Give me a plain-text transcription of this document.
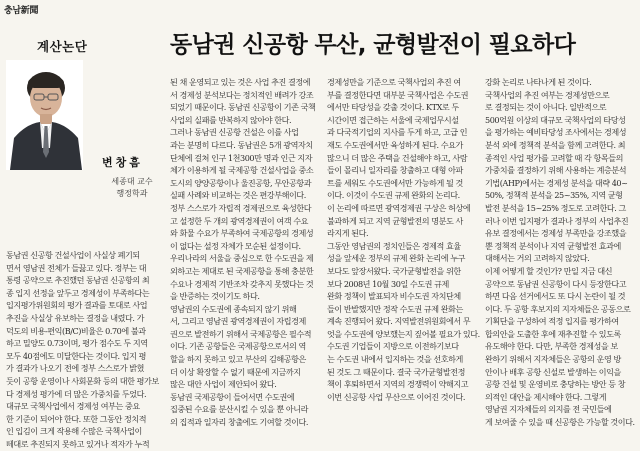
충남新聞
계산논단	동남권 신공항 무산, 균형발전이 필요하다
변창흠
세종대 교수
행정학과

동남권 신공항 건설사업이 사실상 폐기되

면서 영남권 전체가 들끓고 있다. 정부는 대

통령 공약으로 추진했던 동남권 신공항의 최

종 입지 선정을 앞두고 경제성이 부족하다는

입지평가위원회의 평가 결과를 토대로 사업

추진을 사실상 유보하는 결정을 내렸다. 가

덕도의 비용-편익(B/C)비율은 0.70에 불과

하고 밀양도 0.73이며, 평가 점수도 두 지역

모두 40점에도 미달한다는 것이다. 입지 평

가 결과가 나오기 전에 정부 스스로가 밝혔

듯이 공항 운영이나 사회문화 등의 대한 평가보

다 경제성 평가에 더 많은 가중치를 두었다.

대규모 국책사업에서 경제성 여부는 중요

한 기준이 되어야 한다. 또한 그동안 정치적

인 입김이 크게 작용해 수많은 국책사업이

떼대로 추진되지 못하고 있거나 적자가 누적

된 채 운영되고 있는 것은 사업 추진 결정에

서 경제성 분석보다는 정치적인 배려가 강조

되었기 때문이다. 동남권 신공항이 기존 국책

사업의 실패를 반복하지 않아야 한다.

그러나 동남권 신공항 건설은 이를 사업

과는 분명히 다르다. 동남권은 5개 광역자치

단체에 걸쳐 인구 1천300만 명과 인근 지자

체가 이용하게 될 국제공항 건설사업을 중소

도시의 양양공항이나 울진공항, 무안공항과

실패 사례와 비교하는 것은 편강부해이다.

정부 스스로가 자립적 경제권으로 육성한다

고 설정한 두 개의 광역경제권이 여객 수요

와 화물 수요가 부족하여 국제공항의 경제성

이 없다는 설정 자체가 모순된 설정이다.

우리나라의 서울을 중심으로 한 수도권을 제

외하고는 제대로 된 국제공항을 통해 충분한

수요나 경제적 기반조차 갖추지 못했다는 것

을 반증하는 것이기도 하다.

영남권의 수도권에 종속되지 않기 위해

서, 그리고 영남권 광역경제권이 자립경제

권으로 발전하기 위해서 국제공항은 필수적

이다. 기존 공항들은 국제공항으로서의 역

할을 하지 못하고 있고 부산의 김해공항은

더 이상 확장할 수 없기 때문에 지금까지

많은 대안 사업이 제안되어 왔다.

동남권 국제공항이 들어서면 수도권에

집중된 수요를 분산시킬 수 있을 뿐 아니라

의 집적과 일자리 창출에도 기여할 것이다.

경제성만을 기준으로 국책사업의 추진 여

부를 결정한다면 대부분 국책사업은 수도권

에서만 타당성을 갖출 것이다. KTX로 두

시간이면 접근하는 서울에 국제업무시설

과 다국적기업의 지사를 두게 하고, 고급 인

재도 수도권에서만 육성하게 된다. 수요가

많으니 더 많은 주택을 건설해야 하고, 사람

들이 몰리니 일자리를 창출하고 대형 아파

트를 세워도 수도권에서만 가능하게 될 것

이다. 이것이 수도권 규제 완화의 논리다.

이 논리에 따르면 광역경제권 구상은 허상에

불과하게 되고 지역 균형발전의 명분도 사

라지게 된다.

그동안 영남권의 정치인들은 경제적 효율

성을 앞세운 정부의 규제 완화 논리에 누구

보다도 앞장서왔다. 국가균형발전을 위한

보다 2008년 10월 30일 수도권 규제

완화 정책이 발표되자 비수도권 자치단체

들이 반발했지만 정작 수도권 규제 완화는

계속 진행되어 왔다. 지역발전위원회에서 무

엇을 수도권에 양보했는지 짚어볼 필요가 있다.

수도권 기업들이 지방으로 이전하기보다

는 수도권 내에서 입지하는 것을 선호하게

된 것도 그 때문이다. 결국 국가균형발전정

책이 후퇴하면서 지역의 경쟁력이 약해지고

이번 신공항 사업 무산으로 이어진 것이다.

강화 논리로 나타나게 된 것이다.

국책사업의 추진 여부는 경제성만으로

로 결정되는 것이 아니다. 일반적으로

500억원 이상의 대규모 국책사업의 타당성

을 평가하는 예비타당성 조사에서는 경제성

분석 외에 정책적 분석을 함께 고려한다. 최

종적인 사업 평가를 고려할 때 각 항목들의

가중치를 결정하기 위해 사용하는 계층분석

기법(AHP)에서는 경제성 분석을 대략 40~

50%, 정책적 분석을 25~35%, 지역 균형

발전 분석을 15~25% 정도로 고려한다. 그

러나 이번 입지평가 결과나 정부의 사업추진

유보 결정에서는 경제성 부족만을 강조했을

뿐 정책적 분석이나 지역 균형발전 효과에

대해서는 거의 고려하지 않았다.

이제 어떻게 할 것인가? 만일 지금 대신

공약으로 동남권 신공항이 다시 등장한다고

하면 다음 선거에서도 또 다시 논란이 될 것

이다. 두 공항 후보지의 지자체들은 공동으로

기획단을 구성하여 적정 입지를 평가하여

합의안을 도출한 후에 재추진할 수 있도록

유도해야 한다. 다만, 부족한 경제성을 보

완하기 위해서 지자체들은 공항의 운영 방

안이나 배후 공항 신설로 발생하는 이익을

공항 건설 및 운영비로 충당하는 방안 등 창

의적인 대안을 제시해야 한다. 그렇게

영남권 지자체들의 의지를 전 국민들에

게 보여줄 수 있을 때 신공항은 가능할 것이다.
